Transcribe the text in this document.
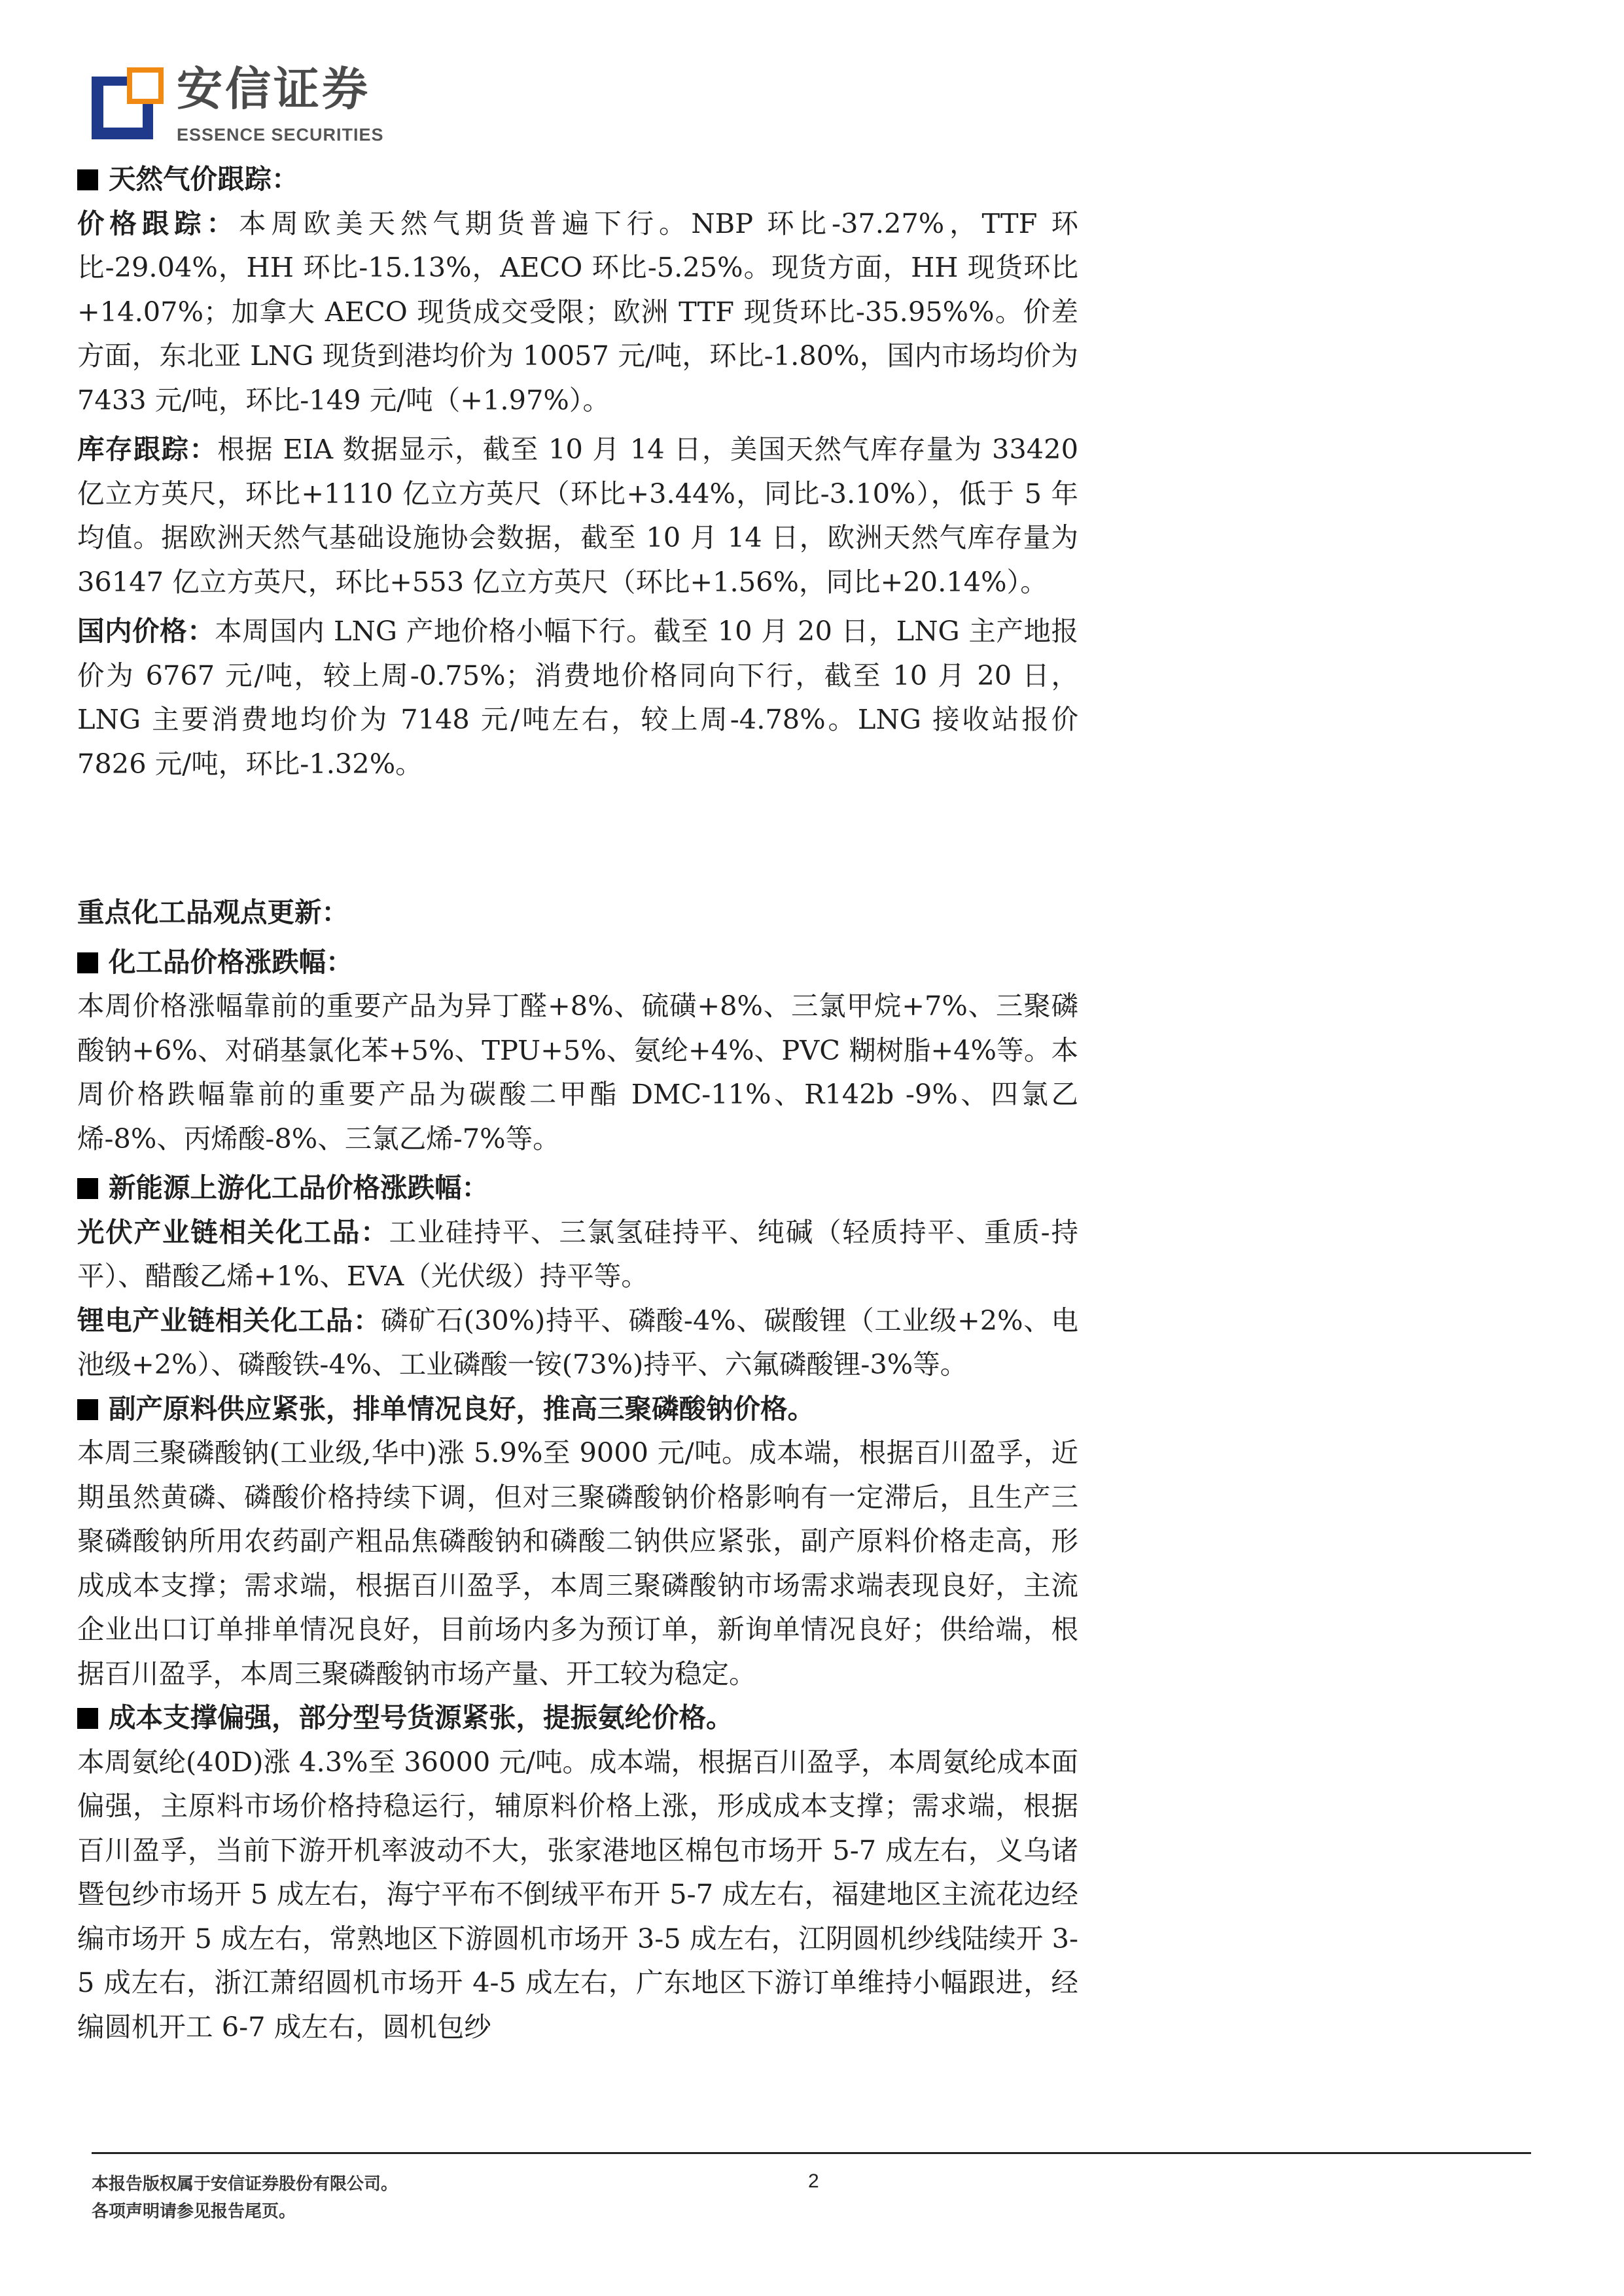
安信证券
ESSENCE SECURITIES

天然气价跟踪：

价格跟踪：本周欧美天然气期货普遍下行。NBP 环比-37.27%，TTF 环比-29.04%，HH 环比-15.13%，AECO 环比-5.25%。现货方面，HH 现货环比+14.07%；加拿大 AECO 现货成交受限；欧洲 TTF 现货环比-35.95%%。价差方面，东北亚 LNG 现货到港均价为 10057 元/吨，环比-1.80%，国内市场均价为 7433 元/吨，环比-149 元/吨（+1.97%）。

库存跟踪：根据 EIA 数据显示，截至 10 月 14 日，美国天然气库存量为 33420 亿立方英尺，环比+1110 亿立方英尺（环比+3.44%，同比-3.10%），低于 5 年均值。据欧洲天然气基础设施协会数据，截至 10 月 14 日，欧洲天然气库存量为 36147 亿立方英尺，环比+553 亿立方英尺（环比+1.56%，同比+20.14%）。

国内价格：本周国内 LNG 产地价格小幅下行。截至 10 月 20 日，LNG 主产地报价为 6767 元/吨，较上周-0.75%；消费地价格同向下行，截至 10 月 20 日，LNG 主要消费地均价为 7148 元/吨左右，较上周-4.78%。LNG 接收站报价 7826 元/吨，环比-1.32%。

重点化工品观点更新：

化工品价格涨跌幅：

本周价格涨幅靠前的重要产品为异丁醛+8%、硫磺+8%、三氯甲烷+7%、三聚磷酸钠+6%、对硝基氯化苯+5%、TPU+5%、氨纶+4%、PVC 糊树脂+4%等。本周价格跌幅靠前的重要产品为碳酸二甲酯 DMC-11%、R142b -9%、四氯乙烯-8%、丙烯酸-8%、三氯乙烯-7%等。

新能源上游化工品价格涨跌幅：

光伏产业链相关化工品：工业硅持平、三氯氢硅持平、纯碱（轻质持平、重质-持平）、醋酸乙烯+1%、EVA（光伏级）持平等。

锂电产业链相关化工品：磷矿石(30%)持平、磷酸-4%、碳酸锂（工业级+2%、电池级+2%）、磷酸铁-4%、工业磷酸一铵(73%)持平、六氟磷酸锂-3%等。

副产原料供应紧张，排单情况良好，推高三聚磷酸钠价格。

本周三聚磷酸钠(工业级,华中)涨 5.9%至 9000 元/吨。成本端，根据百川盈孚，近期虽然黄磷、磷酸价格持续下调，但对三聚磷酸钠价格影响有一定滞后，且生产三聚磷酸钠所用农药副产粗品焦磷酸钠和磷酸二钠供应紧张，副产原料价格走高，形成成本支撑；需求端，根据百川盈孚，本周三聚磷酸钠市场需求端表现良好，主流企业出口订单排单情况良好，目前场内多为预订单，新询单情况良好；供给端，根据百川盈孚，本周三聚磷酸钠市场产量、开工较为稳定。

成本支撑偏强，部分型号货源紧张，提振氨纶价格。

本周氨纶(40D)涨 4.3%至 36000 元/吨。成本端，根据百川盈孚，本周氨纶成本面偏强，主原料市场价格持稳运行，辅原料价格上涨，形成成本支撑；需求端，根据百川盈孚，当前下游开机率波动不大，张家港地区棉包市场开 5-7 成左右，义乌诸暨包纱市场开 5 成左右，海宁平布不倒绒平布开 5-7 成左右，福建地区主流花边经编市场开 5 成左右，常熟地区下游圆机市场开 3-5 成左右，江阴圆机纱线陆续开 3-5 成左右，浙江萧绍圆机市场开 4-5 成左右，广东地区下游订单维持小幅跟进，经编圆机开工 6-7 成左右，圆机包纱

本报告版权属于安信证券股份有限公司。
各项声明请参见报告尾页。
2
